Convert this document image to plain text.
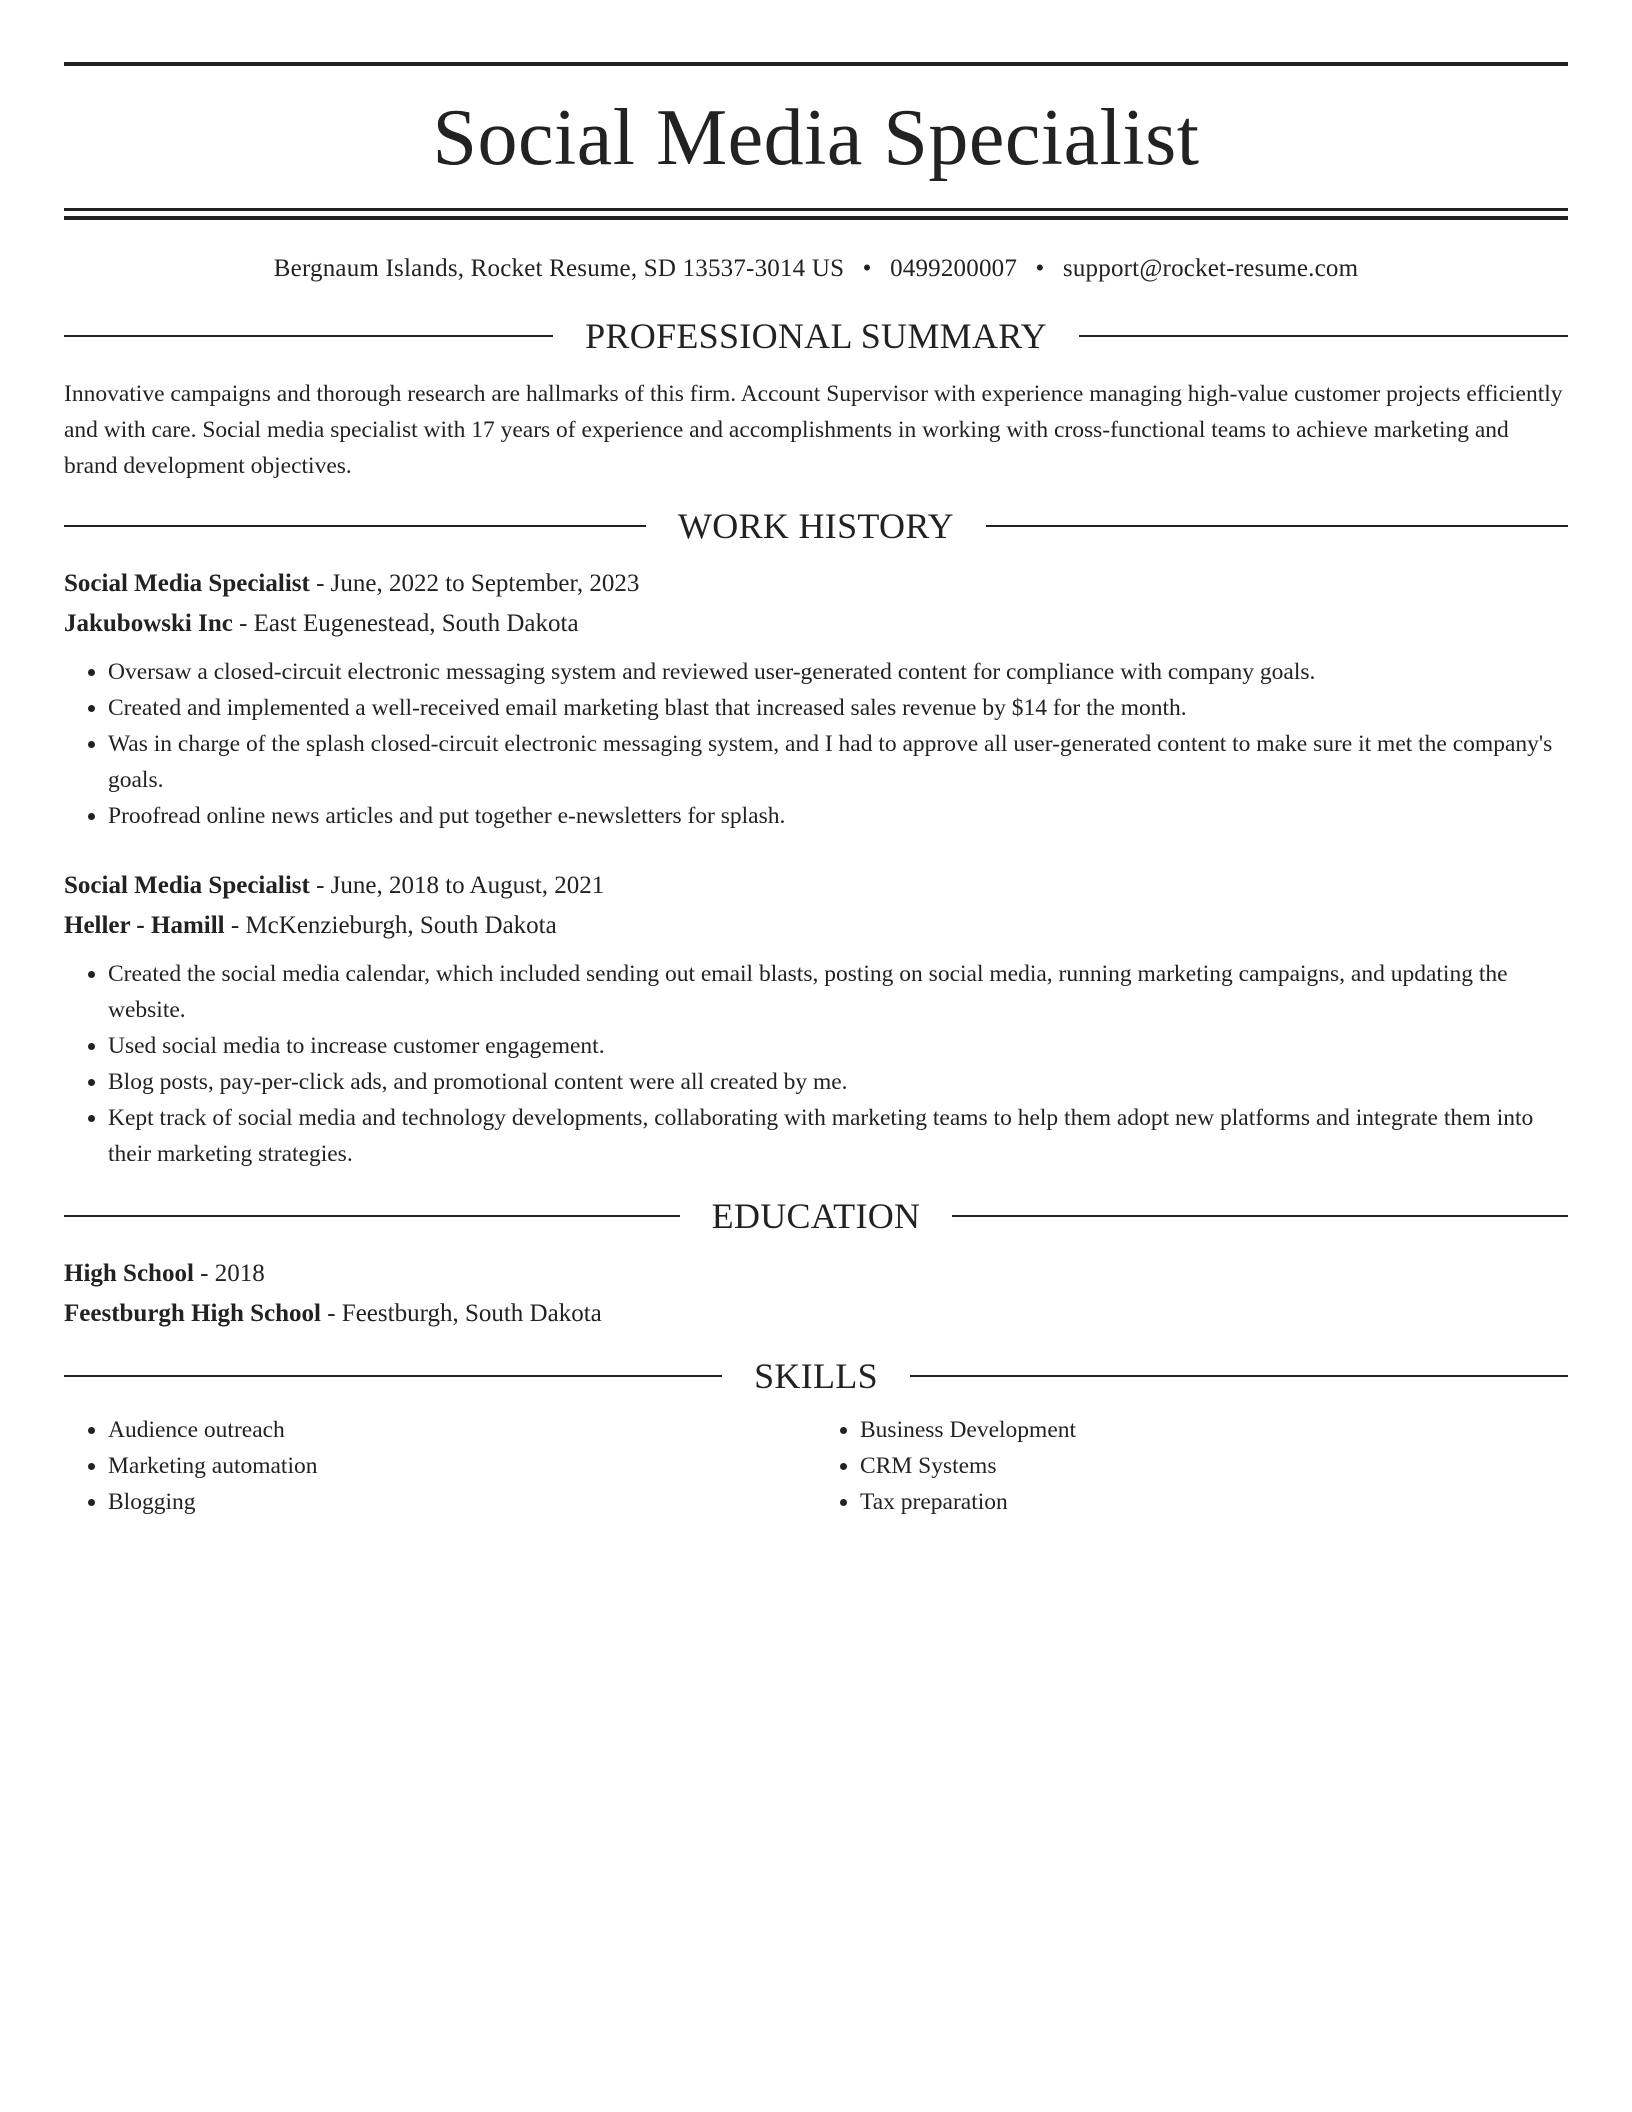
Social Media Specialist
Bergnaum Islands, Rocket Resume, SD 13537-3014 US • 0499200007 • support@rocket-resume.com
PROFESSIONAL SUMMARY
Innovative campaigns and thorough research are hallmarks of this firm. Account Supervisor with experience managing high-value customer projects efficiently and with care. Social media specialist with 17 years of experience and accomplishments in working with cross-functional teams to achieve marketing and brand development objectives.
WORK HISTORY
Social Media Specialist - June, 2022 to September, 2023
Jakubowski Inc - East Eugenestead, South Dakota
• Oversaw a closed-circuit electronic messaging system and reviewed user-generated content for compliance with company goals.
• Created and implemented a well-received email marketing blast that increased sales revenue by $14 for the month.
• Was in charge of the splash closed-circuit electronic messaging system, and I had to approve all user-generated content to make sure it met the company's goals.
• Proofread online news articles and put together e-newsletters for splash.
Social Media Specialist - June, 2018 to August, 2021
Heller - Hamill - McKenzieburgh, South Dakota
• Created the social media calendar, which included sending out email blasts, posting on social media, running marketing campaigns, and updating the website.
• Used social media to increase customer engagement.
• Blog posts, pay-per-click ads, and promotional content were all created by me.
• Kept track of social media and technology developments, collaborating with marketing teams to help them adopt new platforms and integrate them into their marketing strategies.
EDUCATION
High School - 2018
Feestburgh High School - Feestburgh, South Dakota
SKILLS
• Audience outreach
• Marketing automation
• Blogging
• Business Development
• CRM Systems
• Tax preparation
